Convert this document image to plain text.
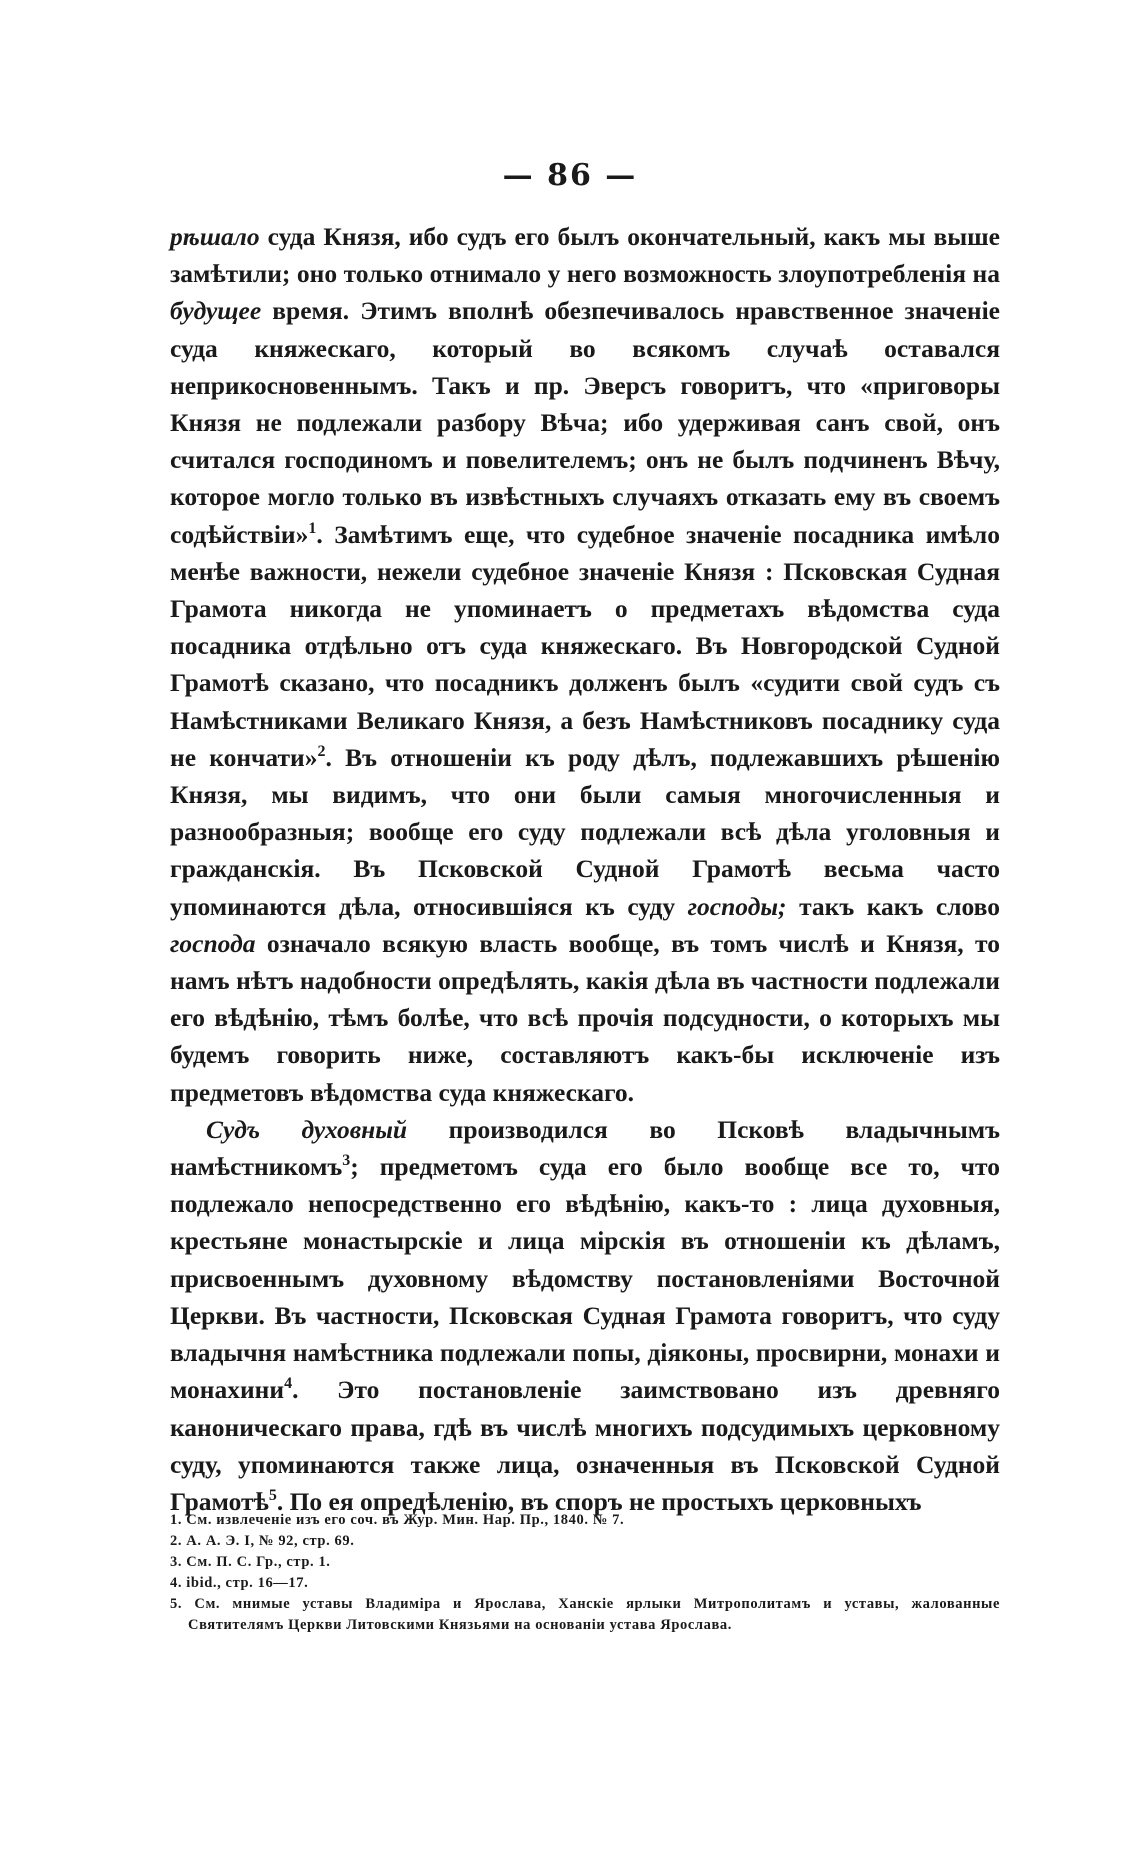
— 86 —

рѣшало суда Князя, ибо судъ его былъ окончательный, какъ мы выше замѣтили; оно только отнимало у него возможность злоупотребленія на будущее время. Этимъ вполнѣ обезпечивалось нравственное значеніе суда княжескаго, который во всякомъ случаѣ оставался неприкосновеннымъ. Такъ и пр. Эверсъ говоритъ, что «приговоры Князя не подлежали разбору Вѣча; ибо удерживая санъ свой, онъ считался господиномъ и повелителемъ; онъ не былъ подчиненъ Вѣчу, которое могло только въ извѣстныхъ случаяхъ отказать ему въ своемъ содѣйствіи»$^1$. Замѣтимъ еще, что судебное значеніе посадника имѣло менѣе важности, нежели судебное значеніе Князя : Псковская Судная Грамота никогда не упоминаетъ о предметахъ вѣдомства суда посадника отдѣльно отъ суда княжескаго. Въ Новгородской Судной Грамотѣ сказано, что посадникъ долженъ былъ «судити свой судъ съ Намѣстниками Великаго Князя, а безъ Намѣстниковъ посаднику суда не кончати»$^2$. Въ отношеніи къ роду дѣлъ, подлежавшихъ рѣшенію Князя, мы видимъ, что они были самыя многочисленныя и разнообразныя; вообще его суду подлежали всѣ дѣла уголовныя и гражданскія. Въ Псковской Судной Грамотѣ весьма часто упоминаются дѣла, относившіяся къ суду господы; такъ какъ слово господа означало всякую власть вообще, въ томъ числѣ и Князя, то намъ нѣтъ надобности опредѣлять, какія дѣла въ частности подлежали его вѣдѣнію, тѣмъ болѣе, что всѣ прочія подсудности, о которыхъ мы будемъ говорить ниже, составляютъ какъ-бы исключеніе изъ предметовъ вѣдомства суда княжескаго.

Судъ духовный производился во Псковѣ владычнымъ намѣстникомъ$^3$; предметомъ суда его было вообще все то, что подлежало непосредственно его вѣдѣнію, какъ-то : лица духовныя, крестьяне монастырскіе и лица мірскія въ отношеніи къ дѣламъ, присвоеннымъ духовному вѣдомству постановленіями Восточной Церкви. Въ частности, Псковская Судная Грамота говоритъ, что суду владычня намѣстника подлежали попы, діяконы, просвирни, монахи и монахини$^4$. Это постановленіе заимствовано изъ древняго каноническаго права, гдѣ въ числѣ многихъ подсудимыхъ церковному суду, упоминаются также лица, означенныя въ Псковской Судной Грамотѣ$^5$. По ея опредѣленію, въ споръ не простыхъ церковныхъ

1. См. извлеченіе изъ его соч. въ Жур. Мин. Нар. Пр., 1840. № 7.

2. А. А. Э. I, № 92, стр. 69.

3. См. П. С. Гр., стр. 1.

4. ibid., стр. 16—17.

5. См. мнимые уставы Владиміра и Ярослава, Ханскіе ярлыки Митрополитамъ и уставы, жалованные Святителямъ Церкви Литовскими Князьями на основаніи устава Ярослава.
